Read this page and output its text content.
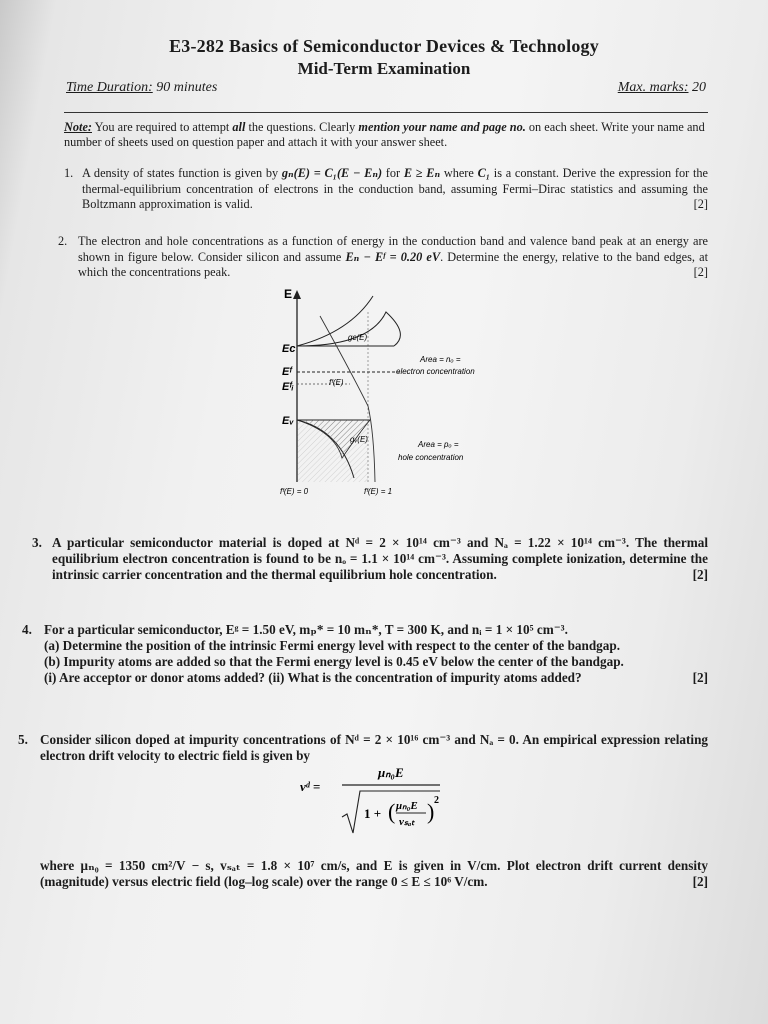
E3-282 Basics of Semiconductor Devices & Technology
Mid-Term Examination
Time Duration: 90 minutes	Max. marks: 20
Note: You are required to attempt all the questions. Clearly mention your name and page no. on each sheet. Write your name and number of sheets used on question paper and attach it with your answer sheet.
1. A density of states function is given by gₙ(E) = C₁(E − Eₙ) for E ≥ Eₙ where C₁ is a constant. Derive the expression for the thermal-equilibrium concentration of electrons in the conduction band, assuming Fermi–Dirac statistics and assuming the Boltzmann approximation is valid.	[2]
2. The electron and hole concentrations as a function of energy in the conduction band and valence band peak at an energy are shown in figure below. Consider silicon and assume Eₙ − Eᶠ = 0.20 eV. Determine the energy, relative to the band edges, at which the concentrations peak.	[2]
E
Eᴄ
Eᶠ
Eᶠᵢ
Eᵥ
gᴄ(E)
fᶠ(E)
gᵥ(E)
Area = nₒ =
electron concentration
Area = pₒ =
hole concentration
fᶠ(E) = 0	fᶠ(E) = 1
3. A particular semiconductor material is doped at Nᵈ = 2 × 10¹⁴ cm⁻³ and Nₐ = 1.22 × 10¹⁴ cm⁻³. The thermal equilibrium electron concentration is found to be nₒ = 1.1 × 10¹⁴ cm⁻³. Assuming complete ionization, determine the intrinsic carrier concentration and the thermal equilibrium hole concentration.	[2]
4. For a particular semiconductor, Eᵍ = 1.50 eV, mₚ* = 10 mₙ*, T = 300 K, and nᵢ = 1 × 10⁵ cm⁻³.
(a) Determine the position of the intrinsic Fermi energy level with respect to the center of the bandgap.
(b) Impurity atoms are added so that the Fermi energy level is 0.45 eV below the center of the bandgap.
(i) Are acceptor or donor atoms added? (ii) What is the concentration of impurity atoms added?	[2]
5. Consider silicon doped at impurity concentrations of Nᵈ = 2 × 10¹⁶ cm⁻³ and Nₐ = 0. An empirical expression relating electron drift velocity to electric field is given by
vᵈ =
μₙ₀E
1 + ( μₙ₀E
vₛₐₜ ) 2
where μₙ₀ = 1350 cm²/V − s, vₛₐₜ = 1.8 × 10⁷ cm/s, and E is given in V/cm. Plot electron drift current density (magnitude) versus electric field (log–log scale) over the range 0 ≤ E ≤ 10⁶ V/cm.	[2]
